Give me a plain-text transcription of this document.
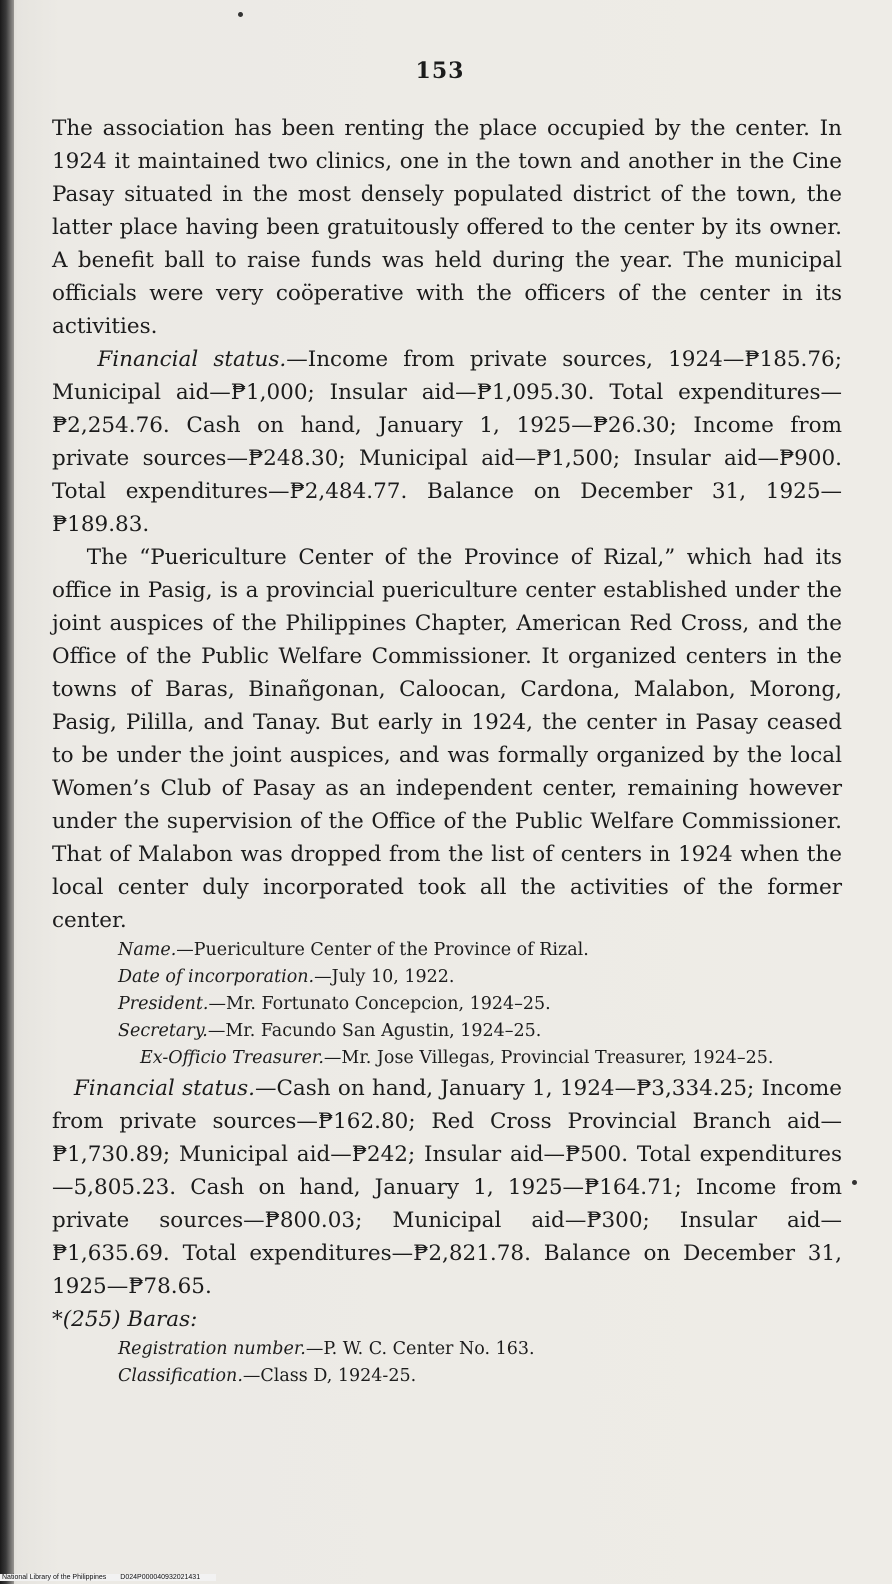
153

The association has been renting the place occupied by the center. In 1924 it maintained two clinics, one in the town and another in the Cine Pasay situated in the most densely populated district of the town, the latter place having been gratuitously offered to the center by its owner. A benefit ball to raise funds was held during the year. The municipal officials were very coöperative with the officers of the center in its activities.

Financial status.—Income from private sources, 1924—₱185.76; Municipal aid—₱1,000; Insular aid—₱1,095.30. Total expenditures—₱2,254.76. Cash on hand, January 1, 1925—₱26.30; Income from private sources—₱248.30; Municipal aid—₱1,500; Insular aid—₱900. Total expenditures—₱2,484.77. Balance on December 31, 1925—₱189.83.

The “Puericulture Center of the Province of Rizal,” which had its office in Pasig, is a provincial puericulture center established under the joint auspices of the Philippines Chapter, American Red Cross, and the Office of the Public Welfare Commissioner. It organized centers in the towns of Baras, Binañgonan, Caloocan, Cardona, Malabon, Morong, Pasig, Pililla, and Tanay. But early in 1924, the center in Pasay ceased to be under the joint auspices, and was formally organized by the local Women’s Club of Pasay as an independent center, remaining however under the supervision of the Office of the Public Welfare Commissioner. That of Malabon was dropped from the list of centers in 1924 when the local center duly incorporated took all the activities of the former center.

Name.—Puericulture Center of the Province of Rizal.

Date of incorporation.—July 10, 1922.

President.—Mr. Fortunato Concepcion, 1924–25.

Secretary.—Mr. Facundo San Agustin, 1924–25.

Ex-Officio Treasurer.—Mr. Jose Villegas, Provincial Treasurer, 1924–25.

Financial status.—Cash on hand, January 1, 1924—₱3,334.25; Income from private sources—₱162.80; Red Cross Provincial Branch aid—₱1,730.89; Municipal aid—₱242; Insular aid—₱500. Total expenditures—5,805.23. Cash on hand, January 1, 1925—₱164.71; Income from private sources—₱800.03; Municipal aid—₱300; Insular aid—₱1,635.69. Total expenditures—₱2,821.78. Balance on December 31, 1925—₱78.65.

*(255) Baras:

Registration number.—P. W. C. Center No. 163.

Classification.—Class D, 1924-25.

National Library of the Philippines D024P000040932021431
